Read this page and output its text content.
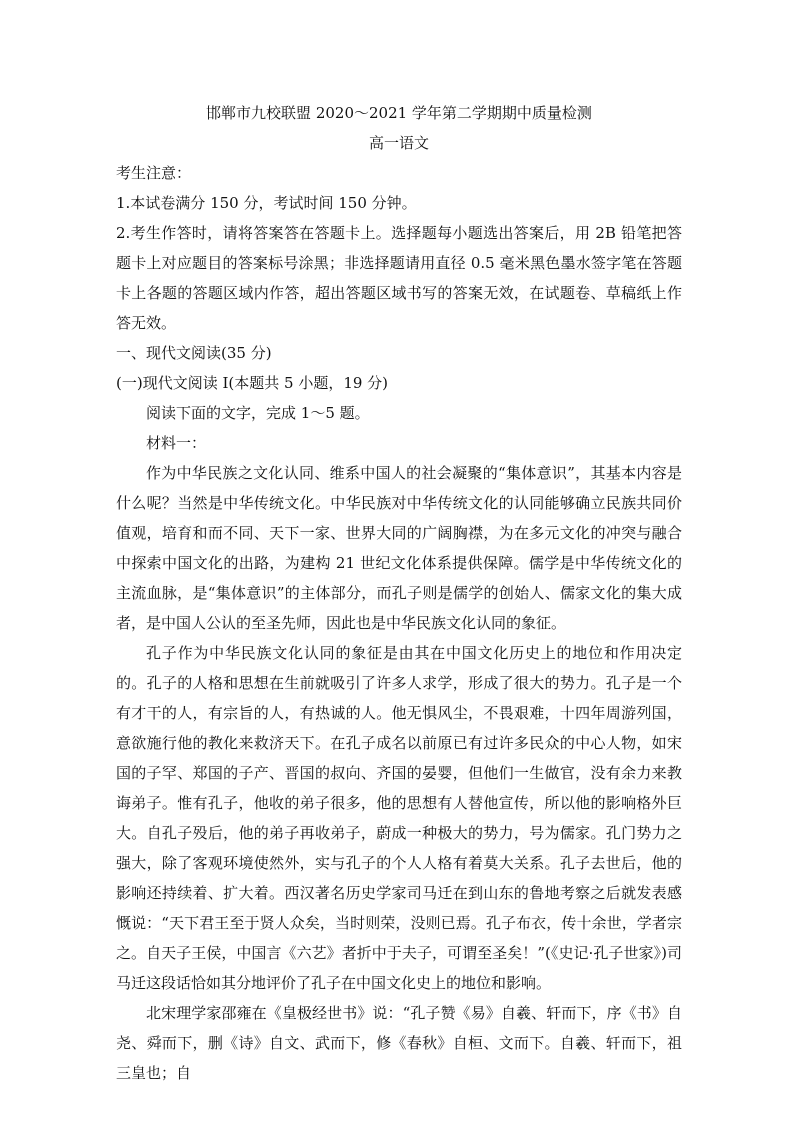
邯郸市九校联盟 2020～2021 学年第二学期期中质量检测
高一语文

考生注意：

1.本试卷满分 150 分，考试时间 150 分钟。

2.考生作答时，请将答案答在答题卡上。选择题每小题选出答案后，用 2B 铅笔把答题卡上对应题目的答案标号涂黑；非选择题请用直径 0.5 毫米黑色墨水签字笔在答题卡上各题的答题区域内作答，超出答题区域书写的答案无效，在试题卷、草稿纸上作答无效。

一、现代文阅读(35 分)

(一)现代文阅读 I(本题共 5 小题，19 分)

阅读下面的文字，完成 1～5 题。

材料一：

作为中华民族之文化认同、维系中国人的社会凝聚的“集体意识”，其基本内容是什么呢？当然是中华传统文化。中华民族对中华传统文化的认同能够确立民族共同价值观，培育和而不同、天下一家、世界大同的广阔胸襟，为在多元文化的冲突与融合中探索中国文化的出路，为建构 21 世纪文化体系提供保障。儒学是中华传统文化的主流血脉，是“集体意识”的主体部分，而孔子则是儒学的创始人、儒家文化的集大成者，是中国人公认的至圣先师，因此也是中华民族文化认同的象征。

孔子作为中华民族文化认同的象征是由其在中国文化历史上的地位和作用决定的。孔子的人格和思想在生前就吸引了许多人求学，形成了很大的势力。孔子是一个有才干的人，有宗旨的人，有热诚的人。他无惧风尘，不畏艰难，十四年周游列国，意欲施行他的教化来救济天下。在孔子成名以前原已有过许多民众的中心人物，如宋国的子罕、郑国的子产、晋国的叔向、齐国的晏婴，但他们一生做官，没有余力来教诲弟子。惟有孔子，他收的弟子很多，他的思想有人替他宣传，所以他的影响格外巨大。自孔子殁后，他的弟子再收弟子，蔚成一种极大的势力，号为儒家。孔门势力之强大，除了客观环境使然外，实与孔子的个人人格有着莫大关系。孔子去世后，他的影响还持续着、扩大着。西汉著名历史学家司马迁在到山东的鲁地考察之后就发表感慨说：“天下君王至于贤人众矣，当时则荣，没则已焉。孔子布衣，传十余世，学者宗之。自天子王侯，中国言《六艺》者折中于夫子，可谓至圣矣！”(《史记·孔子世家》)司马迁这段话恰如其分地评价了孔子在中国文化史上的地位和影响。

北宋理学家邵雍在《皇极经世书》说：“孔子赞《易》自羲、轩而下，序《书》自尧、舜而下，删《诗》自文、武而下，修《春秋》自桓、文而下。自羲、轩而下，祖三皇也；自
